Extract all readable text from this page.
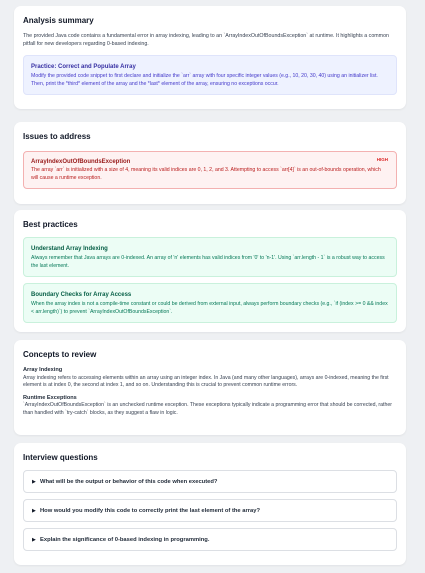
Analysis summary

The provided Java code contains a fundamental error in array indexing, leading to an `ArrayIndexOutOfBoundsException` at runtime. It highlights a common pitfall for new developers regarding 0-based indexing.

Practice: Correct and Populate Array
Modify the provided code snippet to first declare and initialize the `arr` array with four specific integer values (e.g., 10, 20, 30, 40) using an initializer list. Then, print the *third* element of the array and the *last* element of the array, ensuring no exceptions occur.
Issues to address
ArrayIndexOutOfBoundsException	HIGH
The array `arr` is initialized with a size of 4, meaning its valid indices are 0, 1, 2, and 3. Attempting to access `arr[4]` is an out-of-bounds operation, which will cause a runtime exception.
Best practices
Understand Array Indexing
Always remember that Java arrays are 0-indexed. An array of 'n' elements has valid indices from '0' to 'n-1'. Using `arr.length - 1` is a robust way to access the last element.
Boundary Checks for Array Access
When the array index is not a compile-time constant or could be derived from external input, always perform boundary checks (e.g., `if (index >= 0 && index < arr.length)`) to prevent `ArrayIndexOutOfBoundsException`.
Concepts to review
Array Indexing
Array indexing refers to accessing elements within an array using an integer index. In Java (and many other languages), arrays are 0-indexed, meaning the first element is at index 0, the second at index 1, and so on. Understanding this is crucial to prevent common runtime errors.
Runtime Exceptions
`ArrayIndexOutOfBoundsException` is an unchecked runtime exception. These exceptions typically indicate a programming error that should be corrected, rather than handled with `try-catch` blocks, as they suggest a flaw in logic.
Interview questions
▶ What will be the output or behavior of this code when executed?
▶ How would you modify this code to correctly print the last element of the array?
▶ Explain the significance of 0-based indexing in programming.
